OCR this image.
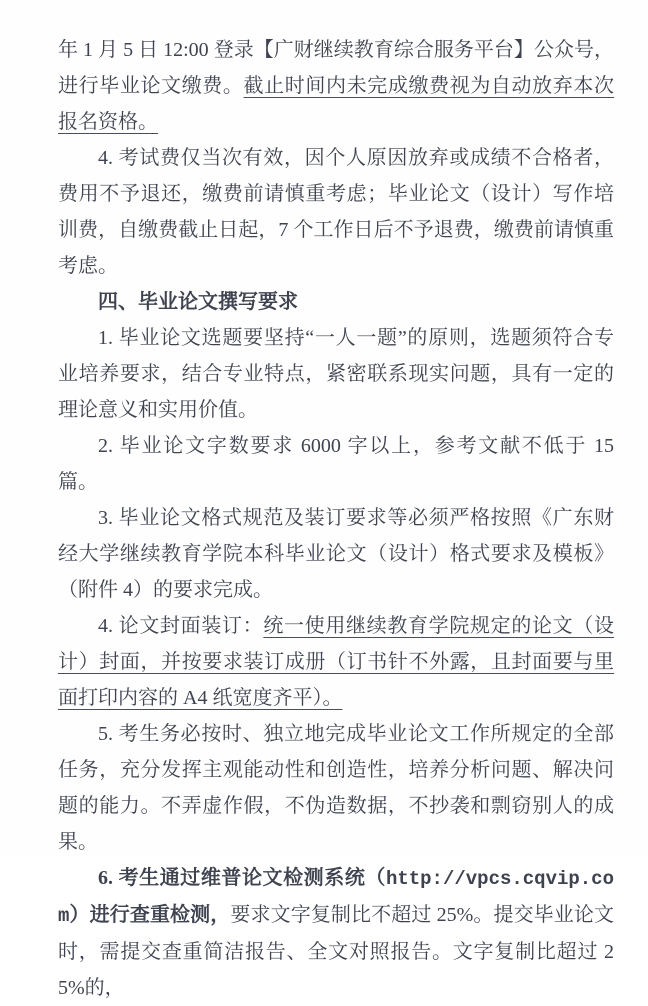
年 1 月 5 日 12:00 登录【广财继续教育综合服务平台】公众号，进行毕业论文缴费。截止时间内未完成缴费视为自动放弃本次报名资格。
4. 考试费仅当次有效，因个人原因放弃或成绩不合格者，费用不予退还，缴费前请慎重考虑；毕业论文（设计）写作培训费，自缴费截止日起，7 个工作日后不予退费，缴费前请慎重考虑。
四、毕业论文撰写要求
1. 毕业论文选题要坚持“一人一题”的原则，选题须符合专业培养要求，结合专业特点，紧密联系现实问题，具有一定的理论意义和实用价值。
2. 毕业论文字数要求 6000 字以上，参考文献不低于 15 篇。
3. 毕业论文格式规范及装订要求等必须严格按照《广东财经大学继续教育学院本科毕业论文（设计）格式要求及模板》（附件 4）的要求完成。
4. 论文封面装订：统一使用继续教育学院规定的论文（设计）封面，并按要求装订成册（订书针不外露，且封面要与里面打印内容的 A4 纸宽度齐平）。
5. 考生务必按时、独立地完成毕业论文工作所规定的全部任务，充分发挥主观能动性和创造性，培养分析问题、解决问题的能力。不弄虚作假，不伪造数据，不抄袭和剽窃别人的成果。
6. 考生通过维普论文检测系统（http://vpcs.cqvip.com）进行查重检测，要求文字复制比不超过 25%。提交毕业论文时，需提交查重简洁报告、全文对照报告。文字复制比超过 25%的，
